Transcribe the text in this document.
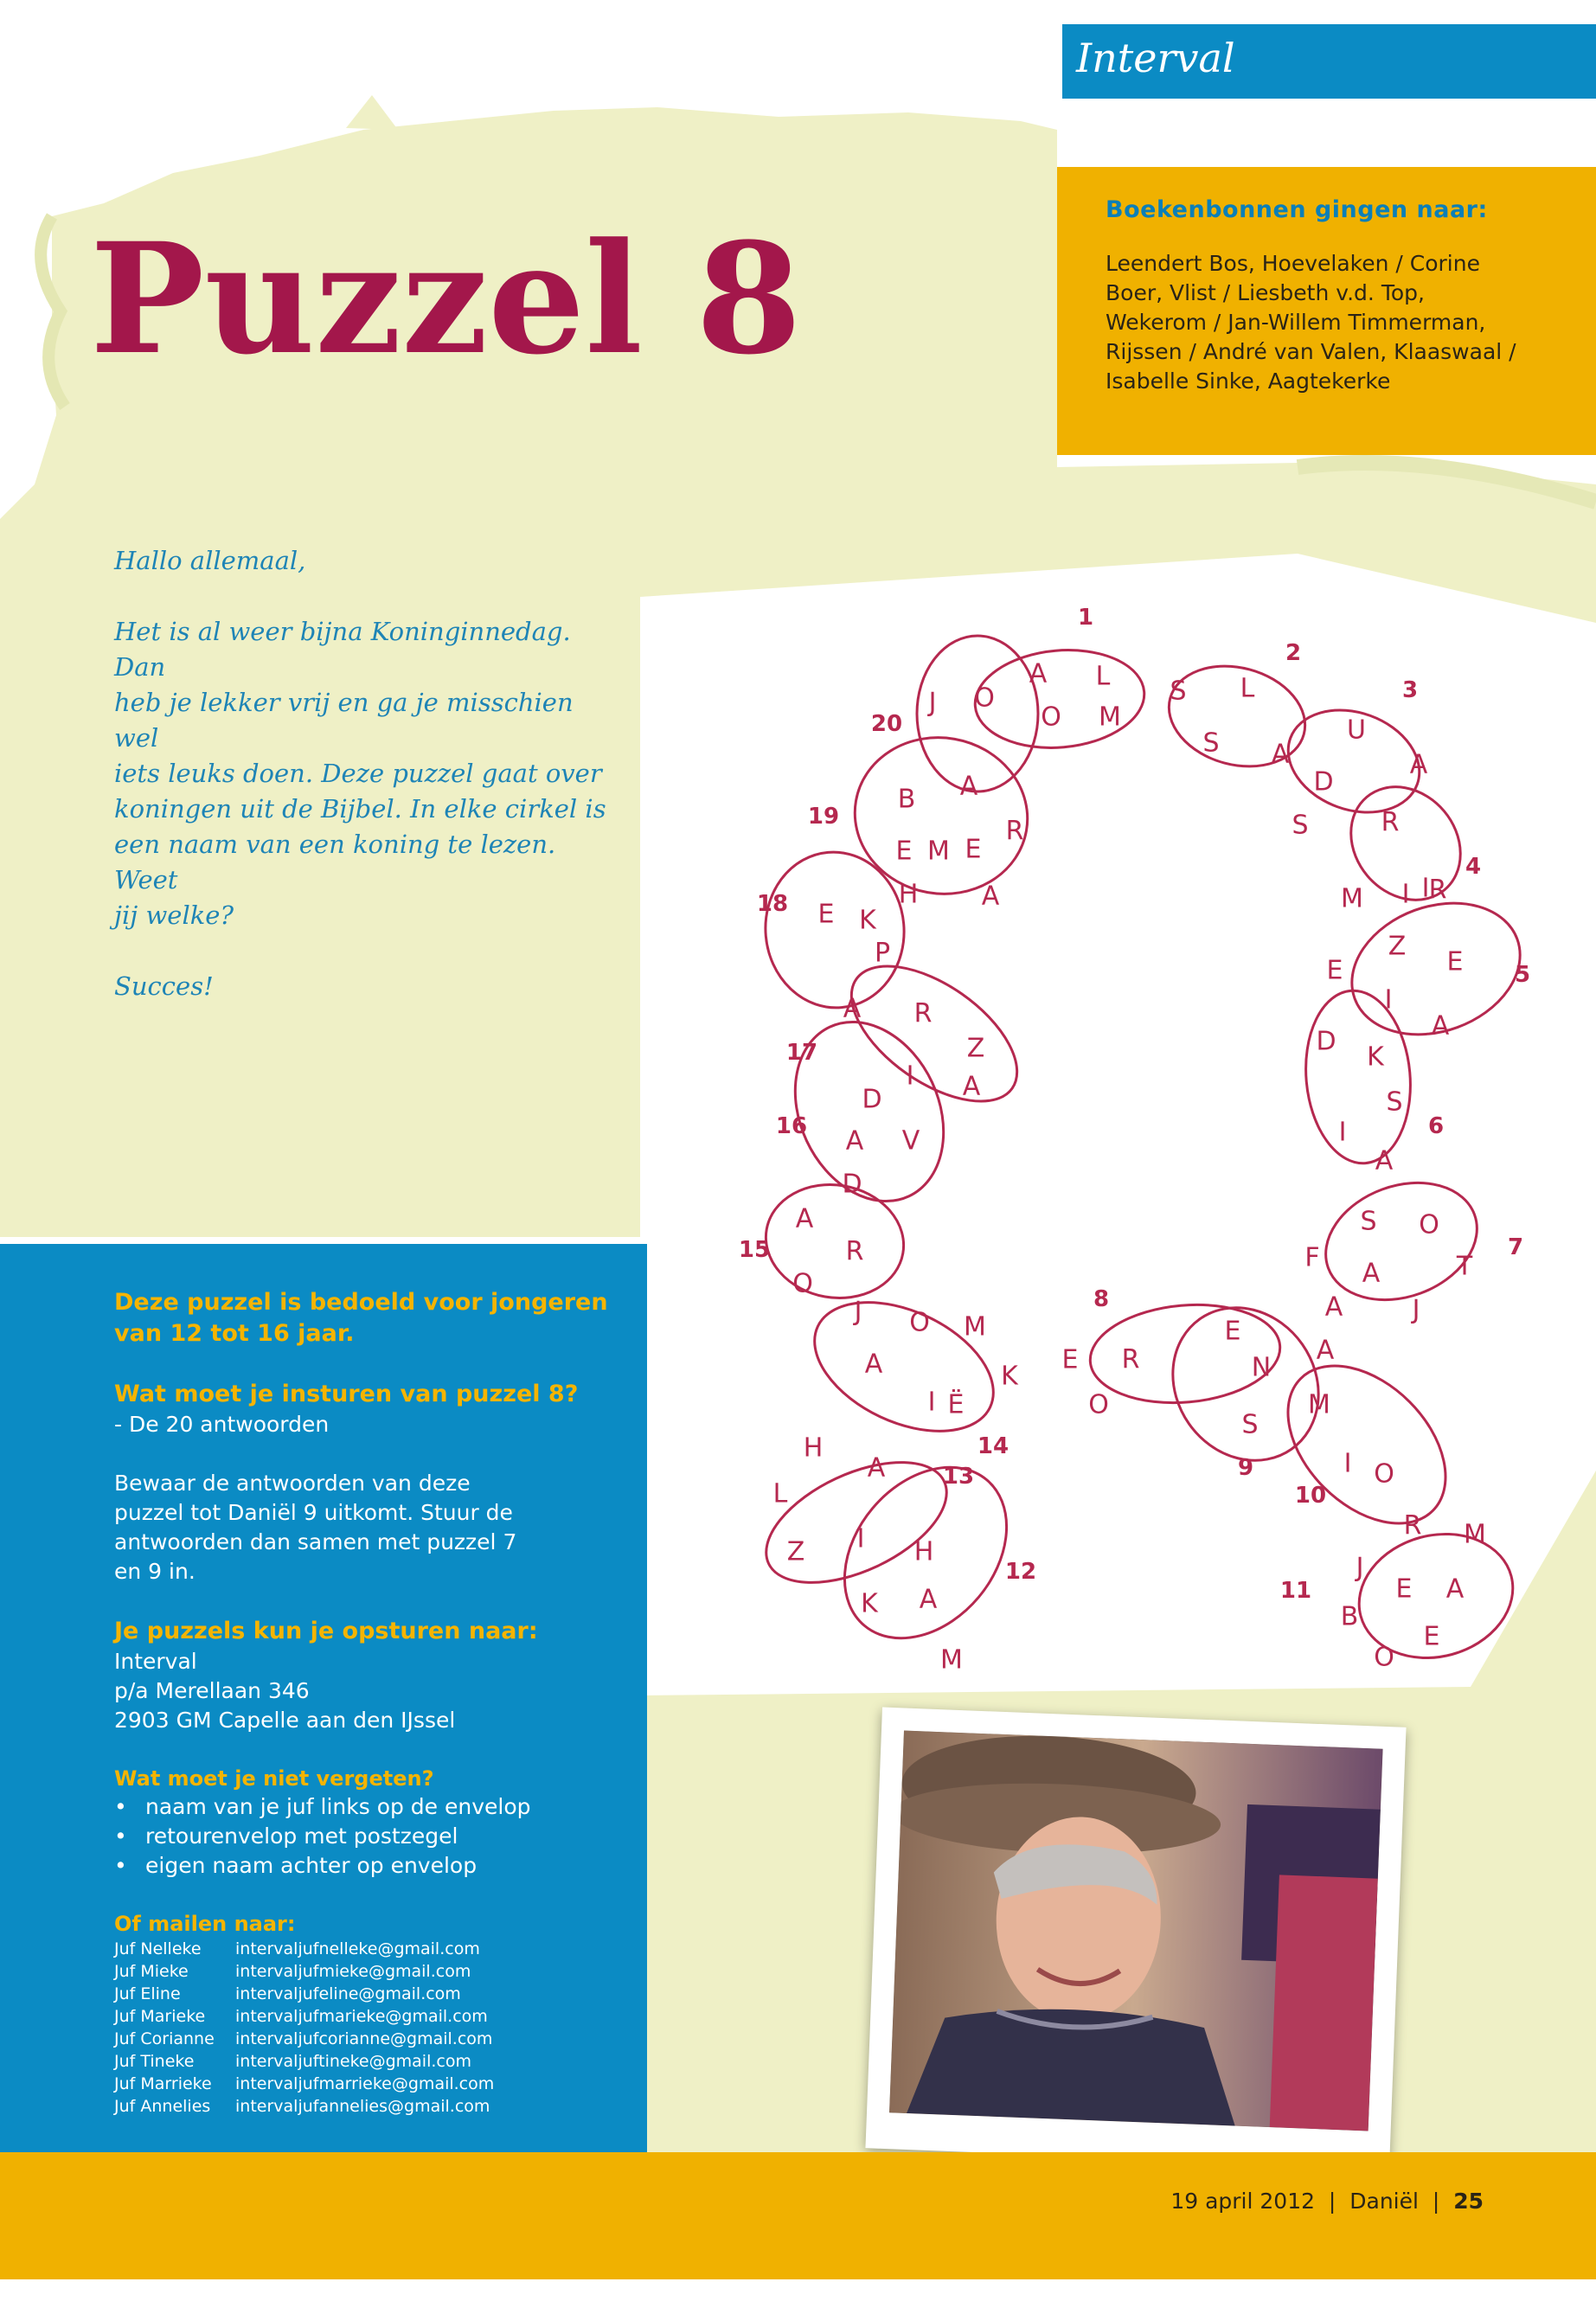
Interval
Boekenbonnen gingen naar:

Leendert Bos, Hoevelaken / Corine
Boer, Vlist / Liesbeth v.d. Top,
Wekerom / Jan-Willem Timmerman,
Rijssen / André van Valen, Klaaswaal /
Isabelle Sinke, Aagtekerke

Puzzel 8

Hallo allemaal,

Het is al weer bijna Koninginnedag. Dan
heb je lekker vrij en ga je misschien wel
iets leuks doen. Deze puzzel gaat over
koningen uit de Bijbel. In elke cirkel is
een naam van een koning te lezen. Weet
jij welke?

Succes!

1
2
3
4
5
6
7
8
9
10
11
12
13
14
15
16
17
18
19
20
J O
A L
O M
S L
S A
U
A
D
S	R
I
M I R
Z
E
E
I
A
D
K
S
I
A
S O
F
A	T
A	J
E
N
A
S
M
I O
R M
J
E A
B
O
E
K
E R
O
J O M
A
I Ë
H
L
A
Z I H
K A
M
O
R
A
D
V
D
A
I
Z
A
A R
K
E
P
H A
B
E M E
R
A

Deze puzzel is bedoeld voor jongeren van 12 tot 16 jaar.

Wat moet je insturen van puzzel 8?

- De 20 antwoorden

Bewaar de antwoorden van deze
puzzel tot Daniël 9 uitkomt. Stuur de
antwoorden dan samen met puzzel 7
en 9 in.

Je puzzels kun je opsturen naar:

Interval
p/a Merellaan 346
2903 GM Capelle aan den IJssel

Wat moet je niet vergeten?

• naam van je juf links op de envelop
• retourenvelop met postzegel
• eigen naam achter op envelop

Of mailen naar:

Juf Nelleke	intervaljufnelleke@gmail.com
Juf Mieke	intervaljufmieke@gmail.com
Juf Eline	intervaljufeline@gmail.com
Juf Marieke	intervaljufmarieke@gmail.com
Juf Corianne	intervaljufcorianne@gmail.com
Juf Tineke	intervaljuftineke@gmail.com
Juf Marrieke	intervaljufmarrieke@gmail.com
Juf Annelies	intervaljufannelies@gmail.com
19 april 2012 | Daniël | 25
